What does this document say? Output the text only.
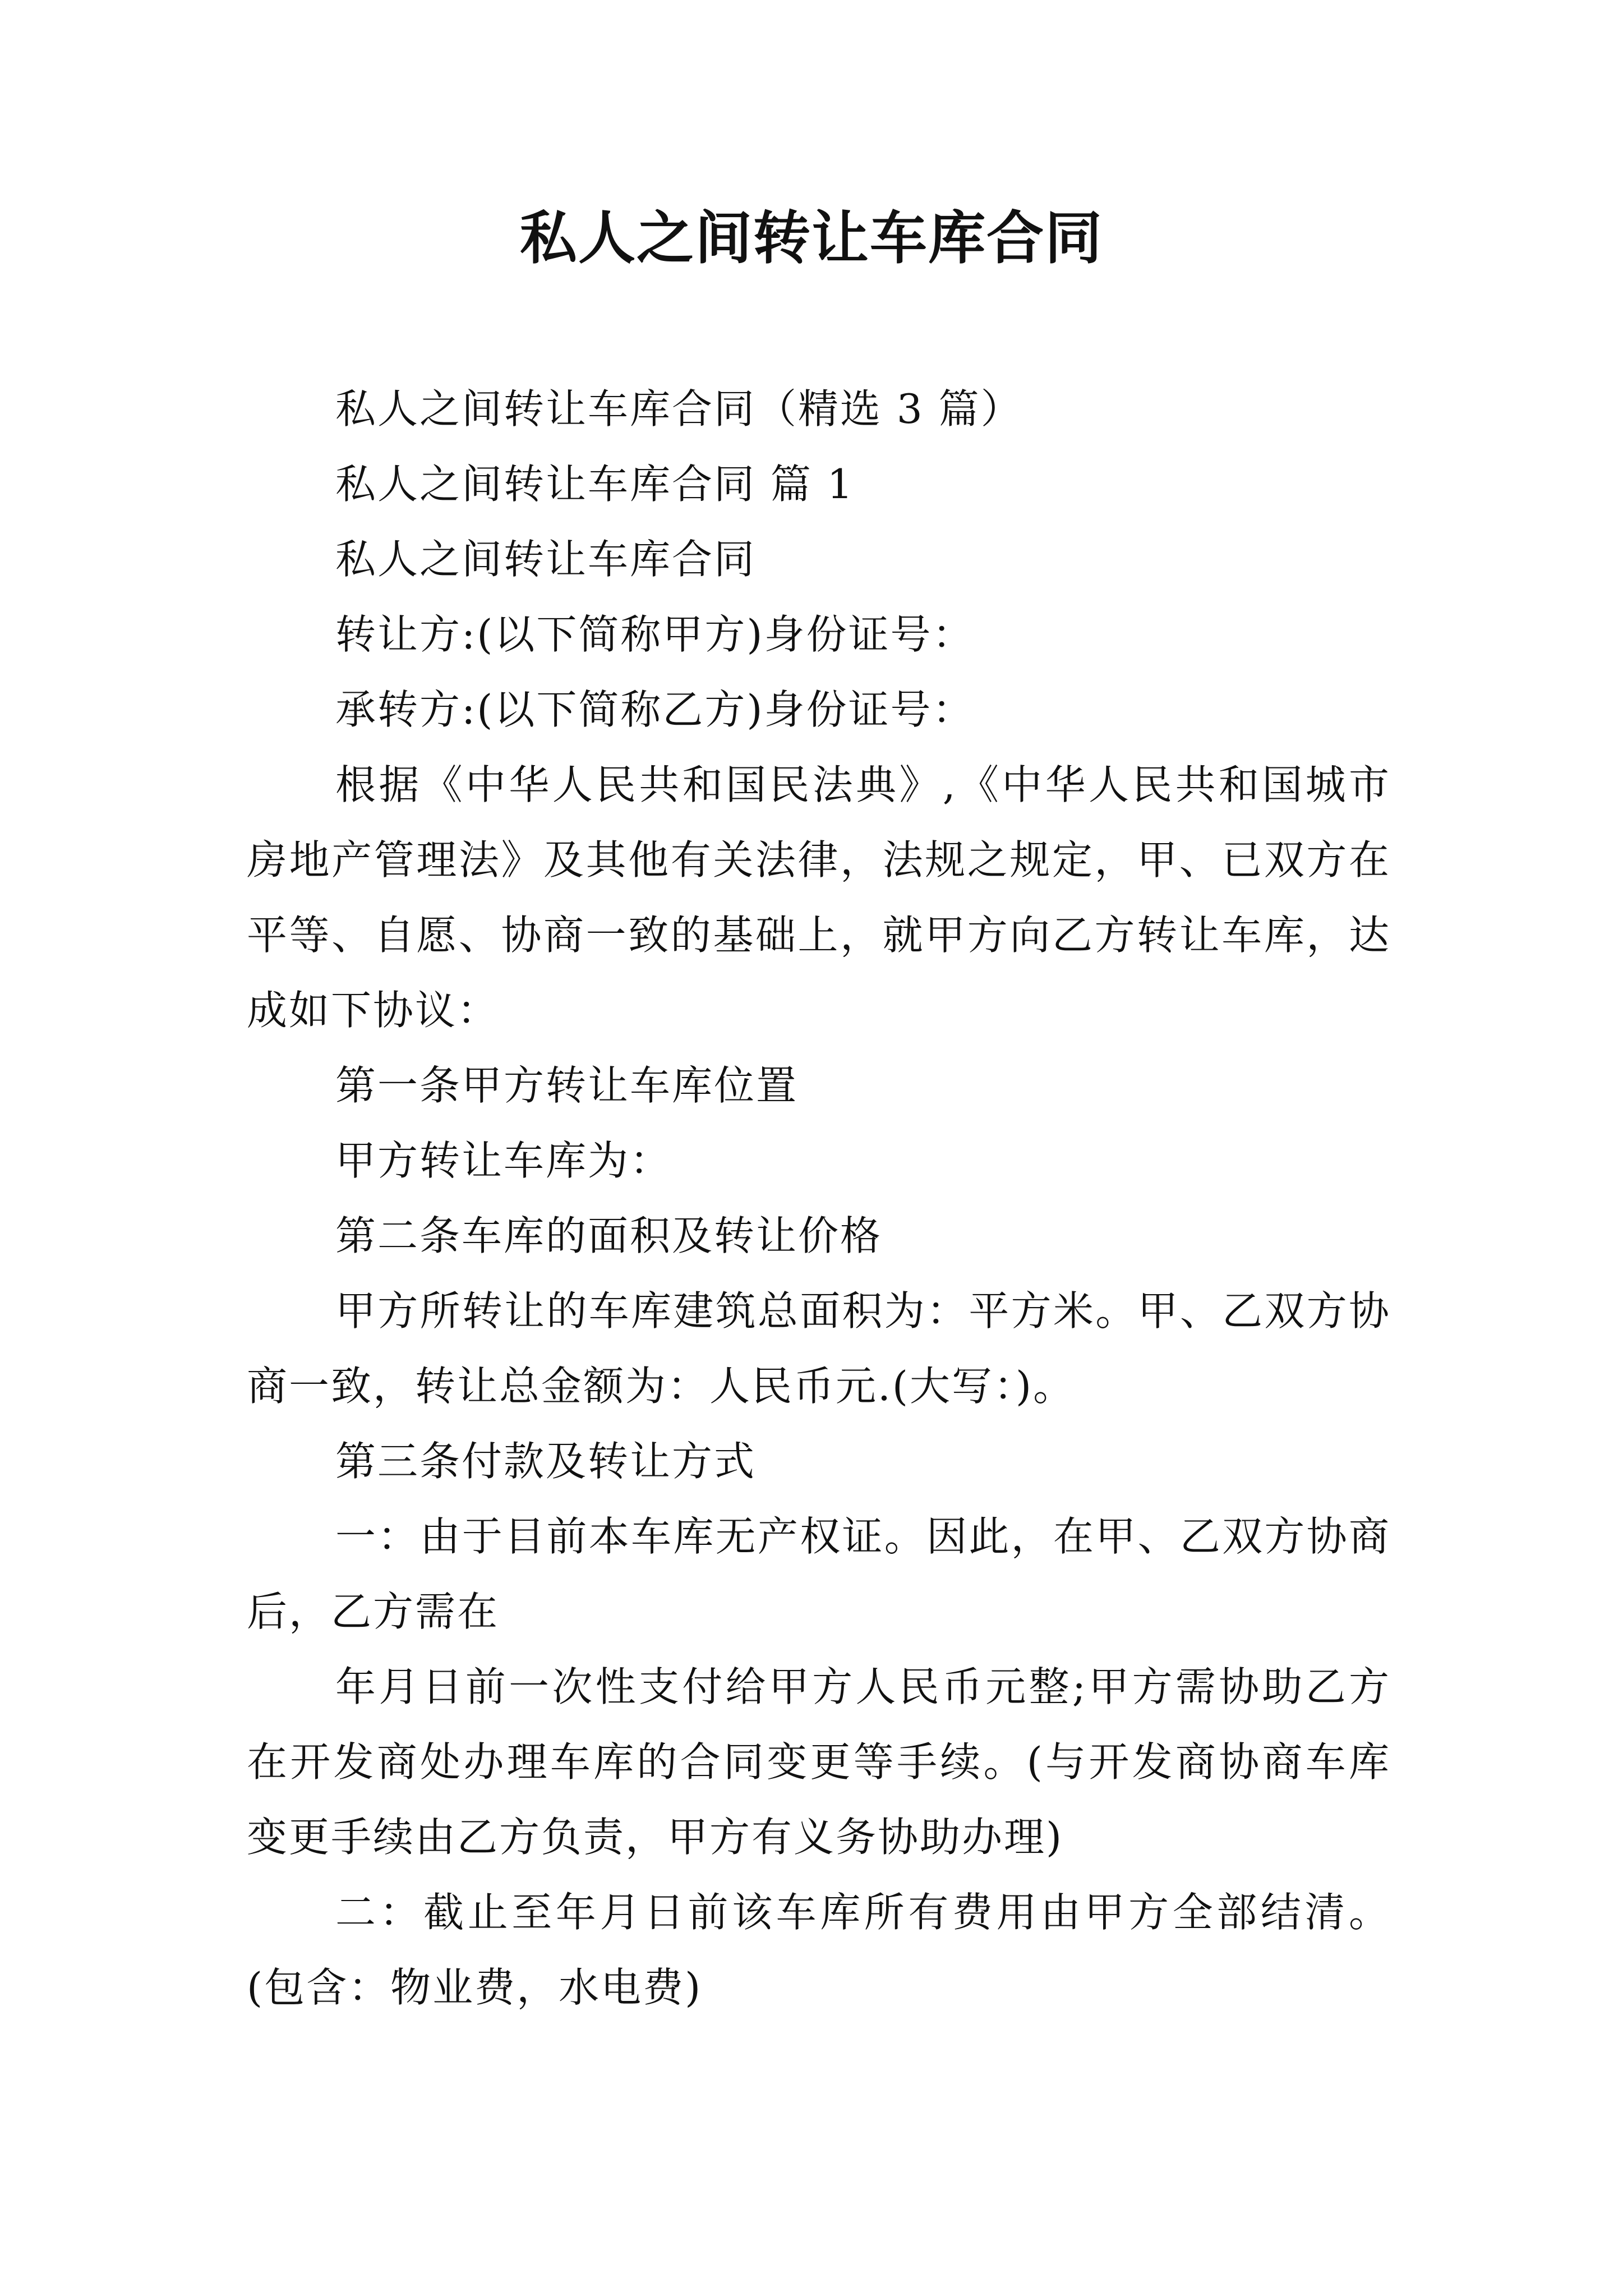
私人之间转让车库合同

私人之间转让车库合同（精选 3 篇）

私人之间转让车库合同 篇 1

私人之间转让车库合同

转让方:(以下简称甲方)身份证号：

承转方:(以下简称乙方)身份证号：

根据《中华人民共和国民法典》,《中华人民共和国城市房地产管理法》及其他有关法律，法规之规定，甲、已双方在平等、自愿、协商一致的基础上，就甲方向乙方转让车库，达成如下协议：

第一条甲方转让车库位置

甲方转让车库为：

第二条车库的面积及转让价格

甲方所转让的车库建筑总面积为：平方米。甲、乙双方协商一致，转让总金额为：人民币元.(大写：)。

第三条付款及转让方式

一：由于目前本车库无产权证。因此，在甲、乙双方协商后，乙方需在

年月日前一次性支付给甲方人民币元整;甲方需协助乙方在开发商处办理车库的合同变更等手续。(与开发商协商车库变更手续由乙方负责，甲方有义务协助办理)

二：截止至年月日前该车库所有费用由甲方全部结清。(包含：物业费，水电费)
